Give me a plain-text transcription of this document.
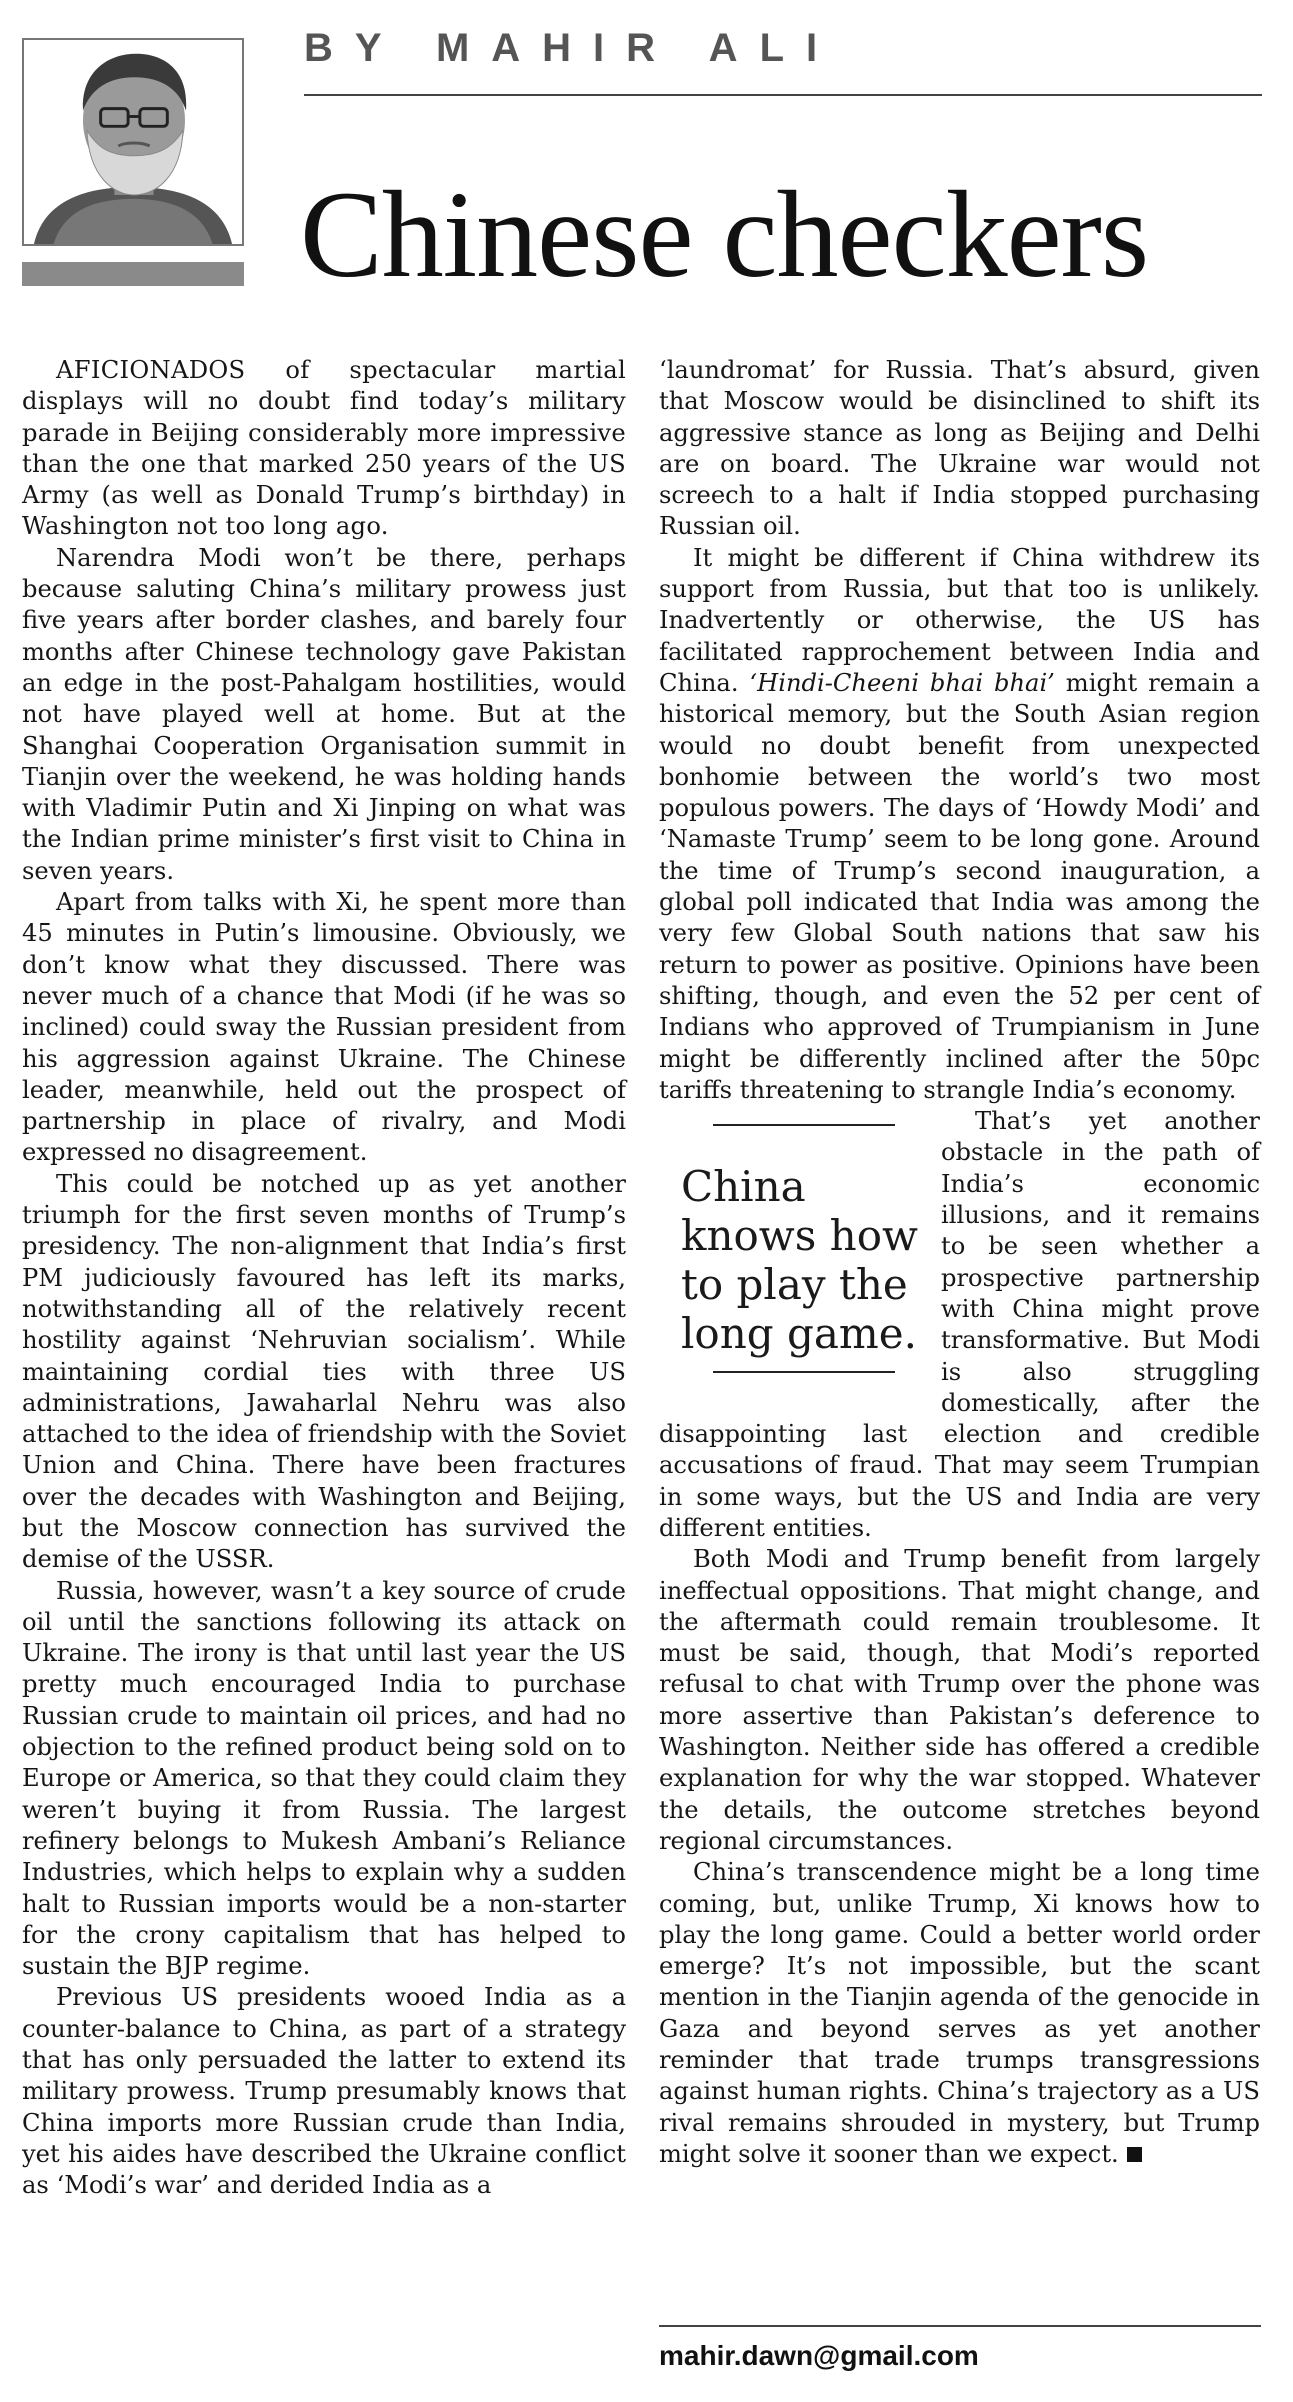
BY MAHIR ALI
Chinese checkers

AFICIONADOS of spectacular martial displays will no doubt find today’s military parade in Beijing considerably more impressive than the one that marked 250 years of the US Army (as well as Donald Trump’s birthday) in Washington not too long ago.

Narendra Modi won’t be there, perhaps because saluting China’s military prowess just five years after border clashes, and barely four months after Chinese technology gave Pakistan an edge in the post-Pahalgam hostilities, would not have played well at home. But at the Shanghai Cooperation Organisation summit in Tianjin over the weekend, he was holding hands with Vladimir Putin and Xi Jinping on what was the Indian prime minister’s first visit to China in seven years.

Apart from talks with Xi, he spent more than 45 minutes in Putin’s limousine. Obviously, we don’t know what they discussed. There was never much of a chance that Modi (if he was so inclined) could sway the Russian president from his aggression against Ukraine. The Chinese leader, meanwhile, held out the prospect of partnership in place of rivalry, and Modi expressed no disagreement.

This could be notched up as yet another triumph for the first seven months of Trump’s presidency. The non-alignment that India’s first PM judiciously favoured has left its marks, notwithstanding all of the relatively recent hostility against ‘Nehruvian socialism’. While maintaining cordial ties with three US administrations, Jawaharlal Nehru was also attached to the idea of friendship with the Soviet Union and China. There have been fractures over the decades with Washington and Beijing, but the Moscow connection has survived the demise of the USSR.

Russia, however, wasn’t a key source of crude oil until the sanctions following its attack on Ukraine. The irony is that until last year the US pretty much encouraged India to purchase Russian crude to maintain oil prices, and had no objection to the refined product being sold on to Europe or America, so that they could claim they weren’t buying it from Russia. The largest refinery belongs to Mukesh Ambani’s Reliance Industries, which helps to explain why a sudden halt to Russian imports would be a non-starter for the crony capitalism that has helped to sustain the BJP regime.

Previous US presidents wooed India as a counter-balance to China, as part of a strategy that has only persuaded the latter to extend its military prowess. Trump presumably knows that China imports more Russian crude than India, yet his aides have described the Ukraine conflict as ‘Modi’s war’ and derided India as a

‘laundromat’ for Russia. That’s absurd, given that Moscow would be disinclined to shift its aggressive stance as long as Beijing and Delhi are on board. The Ukraine war would not screech to a halt if India stopped purchasing Russian oil.

It might be different if China withdrew its support from Russia, but that too is unlikely. Inadvertently or otherwise, the US has facilitated rapprochement between India and China. ‘Hindi-Cheeni bhai bhai’ might remain a historical memory, but the South Asian region would no doubt benefit from unexpected bonhomie between the world’s two most populous powers. The days of ‘Howdy Modi’ and ‘Namaste Trump’ seem to be long gone. Around the time of Trump’s second inauguration, a global poll indicated that India was among the very few Global South nations that saw his return to power as positive. Opinions have been shifting, though, and even the 52 per cent of Indians who approved of Trumpianism in June might be differently inclined after the 50pc tariffs threatening to strangle India’s economy.

China
knows how
to play the
long game.

That’s yet another obstacle in the path of India’s economic illusions, and it remains to be seen whether a prospective partnership with China might prove transformative. But Modi is also struggling domestically, after the disappointing last election and credible accusations of fraud. That may seem Trumpian in some ways, but the US and India are very different entities.

Both Modi and Trump benefit from largely ineffectual oppositions. That might change, and the aftermath could remain troublesome. It must be said, though, that Modi’s reported refusal to chat with Trump over the phone was more assertive than Pakistan’s deference to Washington. Neither side has offered a credible explanation for why the war stopped. Whatever the details, the outcome stretches beyond regional circumstances.

China’s transcendence might be a long time coming, but, unlike Trump, Xi knows how to play the long game. Could a better world order emerge? It’s not impossible, but the scant mention in the Tianjin agenda of the genocide in Gaza and beyond serves as yet another reminder that trade trumps transgressions against human rights. China’s trajectory as a US rival remains shrouded in mystery, but Trump might solve it sooner than we expect.

mahir.dawn@gmail.com
